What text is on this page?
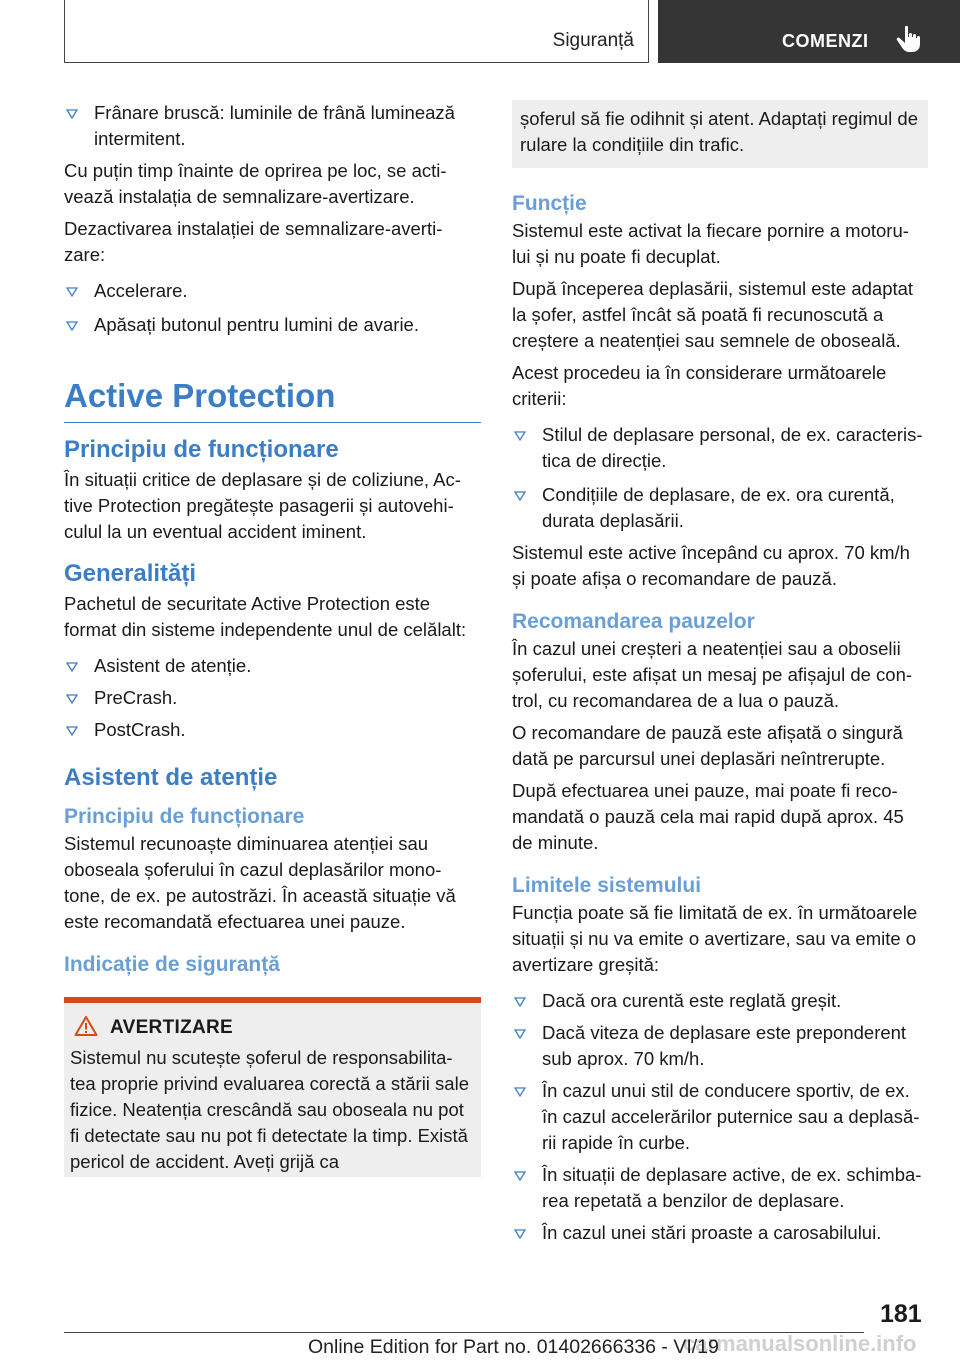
Siguranță	COMENZI
Frânare bruscă: luminile de frână luminează intermitent.

Cu puțin timp înainte de oprirea pe loc, se acti‐ vează instalația de semnalizare-avertizare.

Dezactivarea instalației de semnalizare-averti‐ zare:

Accelerare.
Apăsați butonul pentru lumini de avarie.
Active Protection
Principiu de funcționare

În situații critice de deplasare și de coliziune, Ac‐ tive Protection pregătește pasagerii și autovehi‐ culul la un eventual accident iminent.

Generalități

Pachetul de securitate Active Protection este format din sisteme independente unul de celălalt:

Asistent de atenție.
PreCrash.
PostCrash.
Asistent de atenție
Principiu de funcționare

Sistemul recunoaște diminuarea atenției sau oboseala șoferului în cazul deplasărilor mono‐ tone, de ex. pe autostrăzi. În această situație vă este recomandată efectuarea unei pauze.

Indicație de siguranță
AVERTIZARE
Sistemul nu scutește șoferul de responsabilita‐ tea proprie privind evaluarea corectă a stării sale fizice. Neatenția crescândă sau oboseala nu pot fi detectate sau nu pot fi detectate la timp. Există pericol de accident. Aveți grijă ca

șoferul să fie odihnit și atent. Adaptați regimul de rulare la condițiile din trafic.

Funcție

Sistemul este activat la fiecare pornire a motoru‐ lui și nu poate fi decuplat.

După începerea deplasării, sistemul este adaptat la șofer, astfel încât să poată fi recunoscută a creștere a neatenției sau semnele de oboseală.

Acest procedeu ia în considerare următoarele criterii:

Stilul de deplasare personal, de ex. caracteris‐ tica de direcție.
Condițiile de deplasare, de ex. ora curentă, durata deplasării.

Sistemul este active începând cu aprox. 70 km/h și poate afișa o recomandare de pauză.

Recomandarea pauzelor

În cazul unei creșteri a neatenției sau a oboselii șoferului, este afișat un mesaj pe afișajul de con‐ trol, cu recomandarea de a lua o pauză.

O recomandare de pauză este afișată o singură dată pe parcursul unei deplasări neîntrerupte.

După efectuarea unei pauze, mai poate fi reco‐ mandată o pauză cela mai rapid după aprox. 45 de minute.

Limitele sistemului

Funcția poate să fie limitată de ex. în următoarele situații și nu va emite o avertizare, sau va emite o avertizare greșită:

Dacă ora curentă este reglată greșit.
Dacă viteza de deplasare este preponderent sub aprox. 70 km/h.
În cazul unui stil de conducere sportiv, de ex. în cazul accelerărilor puternice sau a deplasă‐ rii rapide în curbe.
În situații de deplasare active, de ex. schimba‐ rea repetată a benzilor de deplasare.
În cazul unei stări proaste a carosabilului.
181
carmanualsonline.info
Online Edition for Part no. 01402666336 - VI/19
